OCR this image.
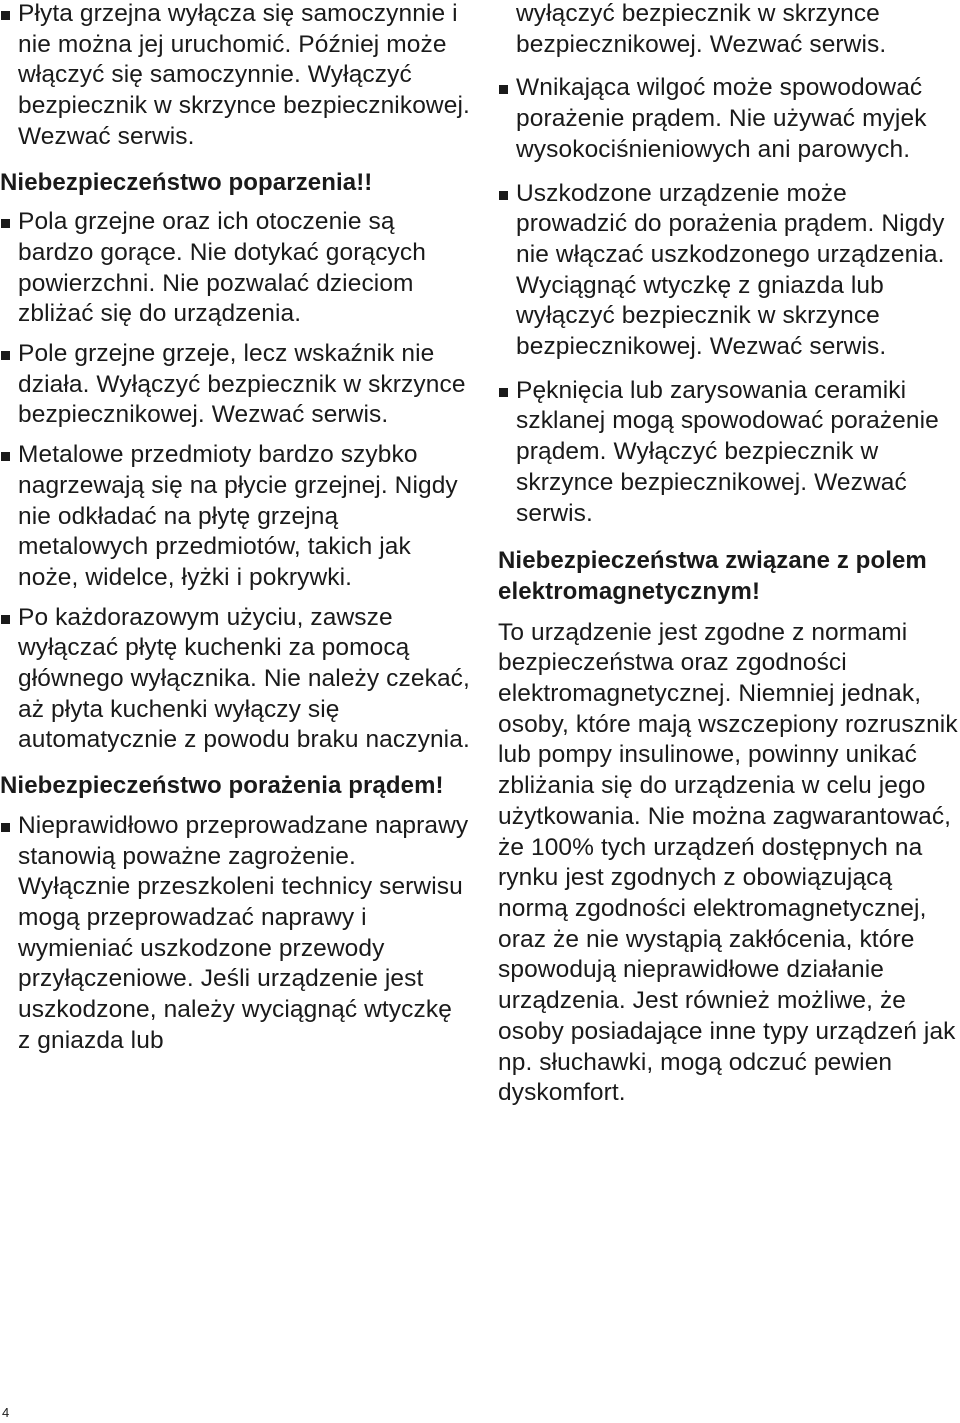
Płyta grzejna wyłącza się samoczynnie i nie można jej uruchomić. Później może włączyć się samoczynnie. Wyłączyć bezpiecznik w skrzynce bezpiecznikowej. Wezwać serwis.
Niebezpieczeństwo poparzenia!!
Pola grzejne oraz ich otoczenie są bardzo gorące. Nie dotykać gorących powierzchni. Nie pozwalać dzieciom zbliżać się do urządzenia.
Pole grzejne grzeje, lecz wskaźnik nie działa. Wyłączyć bezpiecznik w skrzynce bezpiecznikowej. Wezwać serwis.
Metalowe przedmioty bardzo szybko nagrzewają się na płycie grzejnej. Nigdy nie odkładać na płytę grzejną metalowych przedmiotów, takich jak noże, widelce, łyżki i pokrywki.
Po każdorazowym użyciu, zawsze wyłączać płytę kuchenki za pomocą głównego wyłącznika. Nie należy czekać, aż płyta kuchenki wyłączy się automatycznie z powodu braku naczynia.
Niebezpieczeństwo porażenia prądem!
Nieprawidłowo przeprowadzane naprawy stanowią poważne zagrożenie. Wyłącznie przeszkoleni technicy serwisu mogą przeprowadzać naprawy i wymieniać uszkodzone przewody przyłączeniowe. Jeśli urządzenie jest uszkodzone, należy wyciągnąć wtyczkę z gniazda lub

wyłączyć bezpiecznik w skrzynce bezpiecznikowej. Wezwać serwis.

Wnikająca wilgoć może spowodować porażenie prądem. Nie używać myjek wysokociśnieniowych ani parowych.
Uszkodzone urządzenie może prowadzić do porażenia prądem. Nigdy nie włączać uszkodzonego urządzenia. Wyciągnąć wtyczkę z gniazda lub wyłączyć bezpiecznik w skrzynce bezpiecznikowej. Wezwać serwis.
Pęknięcia lub zarysowania ceramiki szklanej mogą spowodować porażenie prądem. Wyłączyć bezpiecznik w skrzynce bezpiecznikowej. Wezwać serwis.
Niebezpieczeństwa związane z polem elektromagnetycznym!

To urządzenie jest zgodne z normami bezpieczeństwa oraz zgodności elektromagnetycznej. Niemniej jednak, osoby, które mają wszczepiony rozrusznik lub pompy insulinowe, powinny unikać zbliżania się do urządzenia w celu jego użytkowania. Nie można zagwarantować, że 100% tych urządzeń dostępnych na rynku jest zgodnych z obowiązującą normą zgodności elektromagnetycznej, oraz że nie wystąpią zakłócenia, które spowodują nieprawidłowe działanie urządzenia. Jest również możliwe, że osoby posiadające inne typy urządzeń jak np. słuchawki, mogą odczuć pewien dyskomfort.

4
